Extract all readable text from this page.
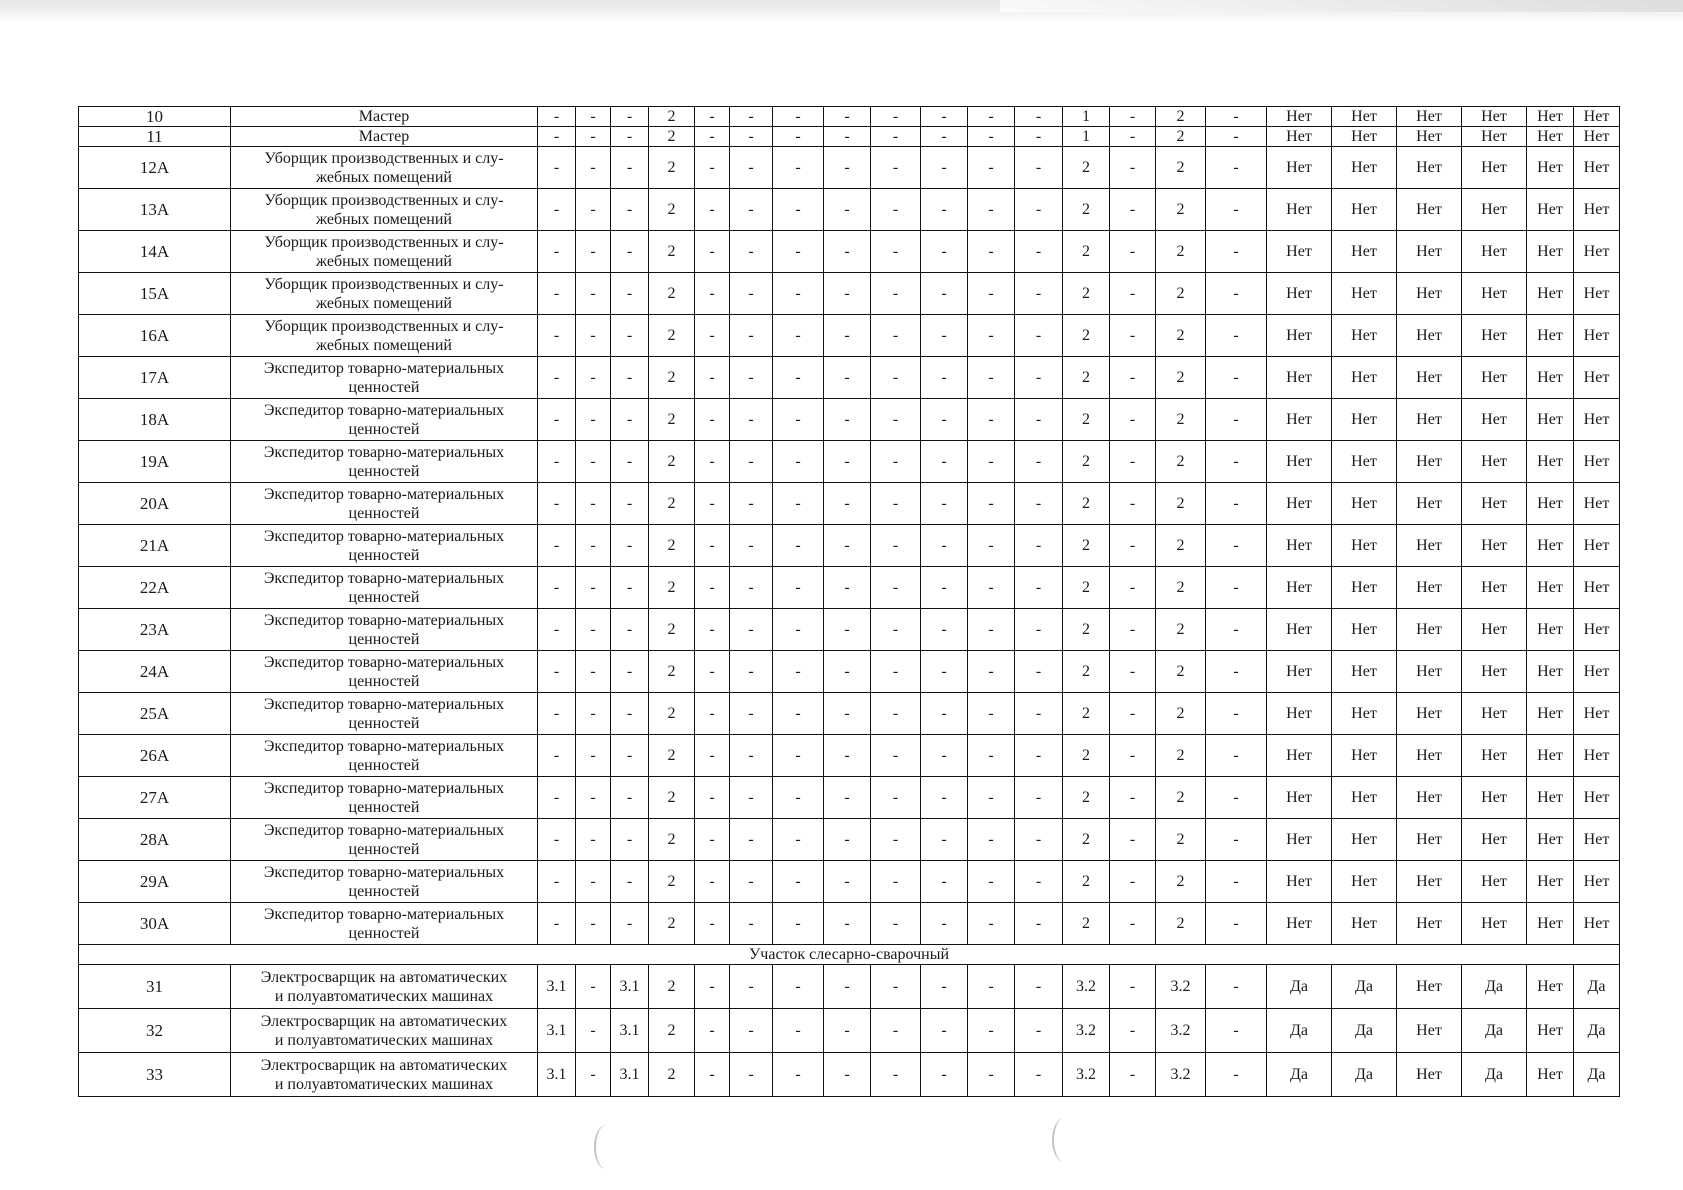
10	Мастер	-	-	-	2	-	-	-	-	-	-	-	-	1	-	2	-	Нет	Нет	Нет	Нет	Нет	Нет
11	Мастер	-	-	-	2	-	-	-	-	-	-	-	-	1	-	2	-	Нет	Нет	Нет	Нет	Нет	Нет
12А	Уборщик производственных и слу-
жебных помещений	-	-	-	2	-	-	-	-	-	-	-	-	2	-	2	-	Нет	Нет	Нет	Нет	Нет	Нет
13А	Уборщик производственных и слу-
жебных помещений	-	-	-	2	-	-	-	-	-	-	-	-	2	-	2	-	Нет	Нет	Нет	Нет	Нет	Нет
14А	Уборщик производственных и слу-
жебных помещений	-	-	-	2	-	-	-	-	-	-	-	-	2	-	2	-	Нет	Нет	Нет	Нет	Нет	Нет
15А	Уборщик производственных и слу-
жебных помещений	-	-	-	2	-	-	-	-	-	-	-	-	2	-	2	-	Нет	Нет	Нет	Нет	Нет	Нет
16А	Уборщик производственных и слу-
жебных помещений	-	-	-	2	-	-	-	-	-	-	-	-	2	-	2	-	Нет	Нет	Нет	Нет	Нет	Нет
17А	Экспедитор товарно-материальных
ценностей	-	-	-	2	-	-	-	-	-	-	-	-	2	-	2	-	Нет	Нет	Нет	Нет	Нет	Нет
18А	Экспедитор товарно-материальных
ценностей	-	-	-	2	-	-	-	-	-	-	-	-	2	-	2	-	Нет	Нет	Нет	Нет	Нет	Нет
19А	Экспедитор товарно-материальных
ценностей	-	-	-	2	-	-	-	-	-	-	-	-	2	-	2	-	Нет	Нет	Нет	Нет	Нет	Нет
20А	Экспедитор товарно-материальных
ценностей	-	-	-	2	-	-	-	-	-	-	-	-	2	-	2	-	Нет	Нет	Нет	Нет	Нет	Нет
21А	Экспедитор товарно-материальных
ценностей	-	-	-	2	-	-	-	-	-	-	-	-	2	-	2	-	Нет	Нет	Нет	Нет	Нет	Нет
22А	Экспедитор товарно-материальных
ценностей	-	-	-	2	-	-	-	-	-	-	-	-	2	-	2	-	Нет	Нет	Нет	Нет	Нет	Нет
23А	Экспедитор товарно-материальных
ценностей	-	-	-	2	-	-	-	-	-	-	-	-	2	-	2	-	Нет	Нет	Нет	Нет	Нет	Нет
24А	Экспедитор товарно-материальных
ценностей	-	-	-	2	-	-	-	-	-	-	-	-	2	-	2	-	Нет	Нет	Нет	Нет	Нет	Нет
25А	Экспедитор товарно-материальных
ценностей	-	-	-	2	-	-	-	-	-	-	-	-	2	-	2	-	Нет	Нет	Нет	Нет	Нет	Нет
26А	Экспедитор товарно-материальных
ценностей	-	-	-	2	-	-	-	-	-	-	-	-	2	-	2	-	Нет	Нет	Нет	Нет	Нет	Нет
27А	Экспедитор товарно-материальных
ценностей	-	-	-	2	-	-	-	-	-	-	-	-	2	-	2	-	Нет	Нет	Нет	Нет	Нет	Нет
28А	Экспедитор товарно-материальных
ценностей	-	-	-	2	-	-	-	-	-	-	-	-	2	-	2	-	Нет	Нет	Нет	Нет	Нет	Нет
29А	Экспедитор товарно-материальных
ценностей	-	-	-	2	-	-	-	-	-	-	-	-	2	-	2	-	Нет	Нет	Нет	Нет	Нет	Нет
30А	Экспедитор товарно-материальных
ценностей	-	-	-	2	-	-	-	-	-	-	-	-	2	-	2	-	Нет	Нет	Нет	Нет	Нет	Нет
Участок слесарно-сварочный																							
31	Электросварщик на автоматических
и полуавтоматических машинах	3.1	-	3.1	2	-	-	-	-	-	-	-	-	3.2	-	3.2	-	Да	Да	Нет	Да	Нет	Да
32	Электросварщик на автоматических
и полуавтоматических машинах	3.1	-	3.1	2	-	-	-	-	-	-	-	-	3.2	-	3.2	-	Да	Да	Нет	Да	Нет	Да
33	Электросварщик на автоматических
и полуавтоматических машинах	3.1	-	3.1	2	-	-	-	-	-	-	-	-	3.2	-	3.2	-	Да	Да	Нет	Да	Нет	Да
